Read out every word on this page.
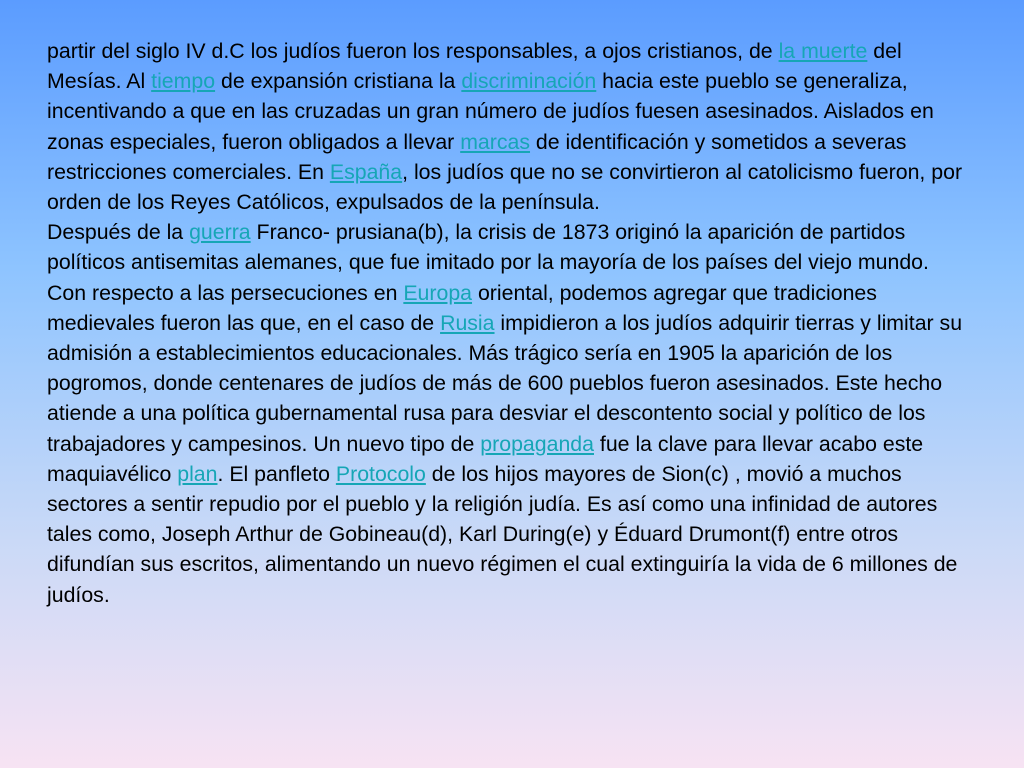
partir del siglo IV d.C los judíos fueron los responsables, a ojos cristianos, de la muerte del Mesías. Al tiempo de expansión cristiana la discriminación hacia este pueblo se generaliza, incentivando a que en las cruzadas un gran número de judíos fuesen asesinados. Aislados en zonas especiales, fueron obligados a llevar marcas de identificación y sometidos a severas restricciones comerciales. En España, los judíos que no se convirtieron al catolicismo fueron, por orden de los Reyes Católicos, expulsados de la península.

Después de la guerra Franco- prusiana(b), la crisis de 1873 originó la aparición de partidos políticos antisemitas alemanes, que fue imitado por la mayoría de los países del viejo mundo.

Con respecto a las persecuciones en Europa oriental, podemos agregar que tradiciones medievales fueron las que, en el caso de Rusia impidieron a los judíos adquirir tierras y limitar su admisión a establecimientos educacionales. Más trágico sería en 1905 la aparición de los pogromos, donde centenares de judíos de más de 600 pueblos fueron asesinados. Este hecho atiende a una política gubernamental rusa para desviar el descontento social y político de los trabajadores y campesinos. Un nuevo tipo de propaganda fue la clave para llevar acabo este maquiavélico plan. El panfleto Protocolo de los hijos mayores de Sion(c) , movió a muchos sectores a sentir repudio por el pueblo y la religión judía. Es así como una infinidad de autores tales como, Joseph Arthur de Gobineau(d), Karl During(e) y Éduard Drumont(f) entre otros difundían sus escritos, alimentando un nuevo régimen el cual extinguiría la vida de 6 millones de judíos.
